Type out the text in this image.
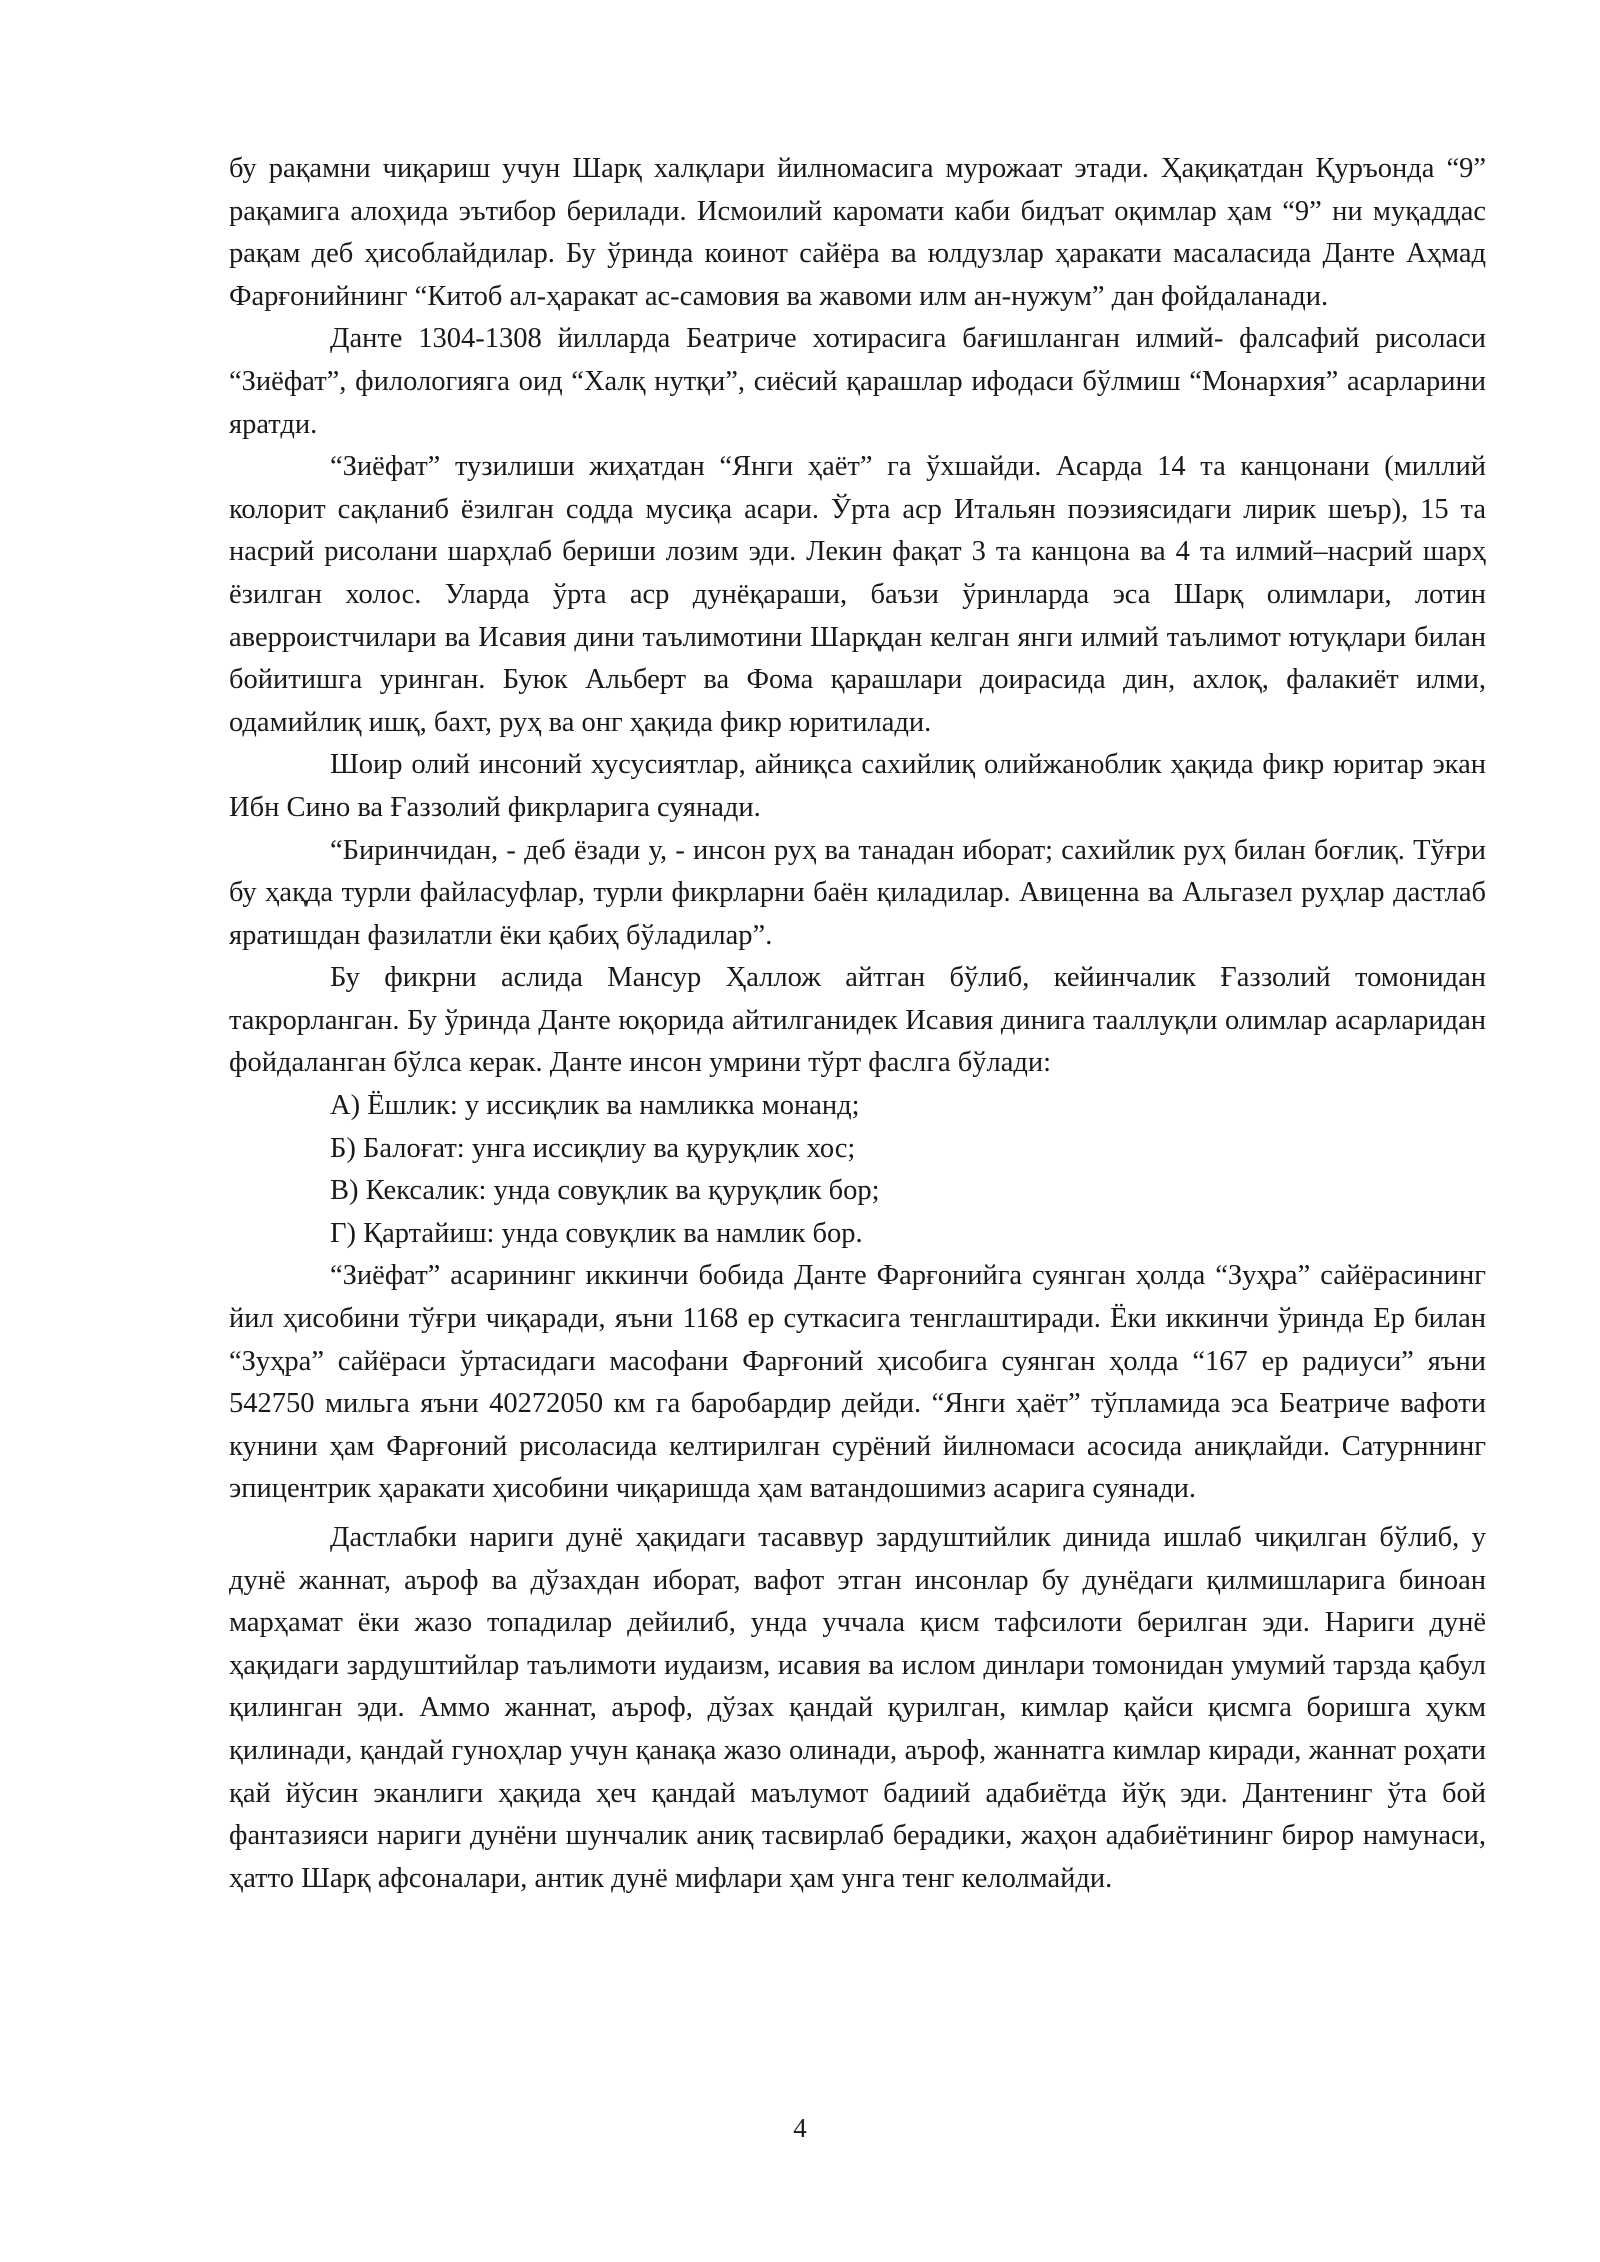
бу рақамни чиқариш учун Шарқ халқлари йилномасига мурожаат этади. Ҳақиқатдан Қуръонда “9” рақамига алоҳида эътибор берилади. Исмоилий каромати каби бидъат оқимлар ҳам “9” ни муқаддас рақам деб ҳисоблайдилар. Бу ўринда коинот сайёра ва юлдузлар ҳаракати масаласида Данте Аҳмад Фарғонийнинг “Китоб ал-ҳаракат ас-самовия ва жавоми илм ан-нужум” дан фойдаланади.

Данте 1304-1308 йилларда Беатриче хотирасига бағишланган илмий- фалсафий рисоласи “Зиёфат”, филологияга оид “Халқ нутқи”, сиёсий қарашлар ифодаси бўлмиш “Монархия” асарларини яратди.

“Зиёфат” тузилиши жиҳатдан “Янги ҳаёт” га ўхшайди. Асарда 14 та канцонани (миллий колорит сақланиб ёзилган содда мусиқа асари. Ўрта аср Итальян поэзиясидаги лирик шеър), 15 та насрий рисолани шарҳлаб бериши лозим эди. Лекин фақат 3 та канцона ва 4 та илмий–насрий шарҳ ёзилган холос. Уларда ўрта аср дунёқараши, баъзи ўринларда эса Шарқ олимлари, лотин аверроистчилари ва Исавия дини таълимотини Шарқдан келган янги илмий таълимот ютуқлари билан бойитишга уринган. Буюк Альберт ва Фома қарашлари доирасида дин, ахлоқ, фалакиёт илми, одамийлиқ ишқ, бахт, руҳ ва онг ҳақида фикр юритилади.

Шоир олий инсоний хусусиятлар, айниқса сахийлиқ олийжаноблик ҳақида фикр юритар экан Ибн Сино ва Ғаззолий фикрларига суянади.

“Биринчидан, - деб ёзади у, - инсон руҳ ва танадан иборат; сахийлик руҳ билан боғлиқ. Тўғри бу ҳақда турли файласуфлар, турли фикрларни баён қиладилар. Авиценна ва Альгазел руҳлар дастлаб яратишдан фазилатли ёки қабиҳ бўладилар”.

Бу фикрни аслида Мансур Ҳаллож айтган бўлиб, кейинчалик Ғаззолий томонидан такрорланган. Бу ўринда Данте юқорида айтилганидек Исавия динига тааллуқли олимлар асарларидан фойдаланган бўлса керак. Данте инсон умрини тўрт фаслга бўлади:

А) Ёшлик: у иссиқлик ва намликка монанд;

Б) Балоғат: унга иссиқлиу ва қуруқлик хос;

В) Кексалик: унда совуқлик ва қуруқлик бор;

Г) Қартайиш: унда совуқлик ва намлик бор.

“Зиёфат” асарининг иккинчи бобида Данте Фарғонийга суянган ҳолда “Зуҳра” сайёрасининг йил ҳисобини тўғри чиқаради, яъни 1168 ер суткасига тенглаштиради. Ёки иккинчи ўринда Ер билан “Зуҳра” сайёраси ўртасидаги масофани Фарғоний ҳисобига суянган ҳолда “167 ер радиуси” яъни 542750 мильга яъни 40272050 км га баробардир дейди. “Янги ҳаёт” тўпламида эса Беатриче вафоти кунини ҳам Фарғоний рисоласида келтирилган сурёний йилномаси асосида аниқлайди. Сатурннинг эпицентрик ҳаракати ҳисобини чиқаришда ҳам ватандошимиз асарига суянади.

Дастлабки нариги дунё ҳақидаги тасаввур зардуштийлик динида ишлаб чиқилган бўлиб, у дунё жаннат, аъроф ва дўзахдан иборат, вафот этган инсонлар бу дунёдаги қилмишларига биноан марҳамат ёки жазо топадилар дейилиб, унда уччала қисм тафсилоти берилган эди. Нариги дунё ҳақидаги зардуштийлар таълимоти иудаизм, исавия ва ислом динлари томонидан умумий тарзда қабул қилинган эди. Аммо жаннат, аъроф, дўзах қандай қурилган, кимлар қайси қисмга боришга ҳукм қилинади, қандай гуноҳлар учун қанақа жазо олинади, аъроф, жаннатга кимлар киради, жаннат роҳати қай йўсин эканлиги ҳақида ҳеч қандай маълумот бадиий адабиётда йўқ эди. Дантенинг ўта бой фантазияси нариги дунёни шунчалик аниқ тасвирлаб берадики, жаҳон адабиётининг бирор намунаси, ҳатто Шарқ афсоналари, антик дунё мифлари ҳам унга тенг келолмайди.

4
